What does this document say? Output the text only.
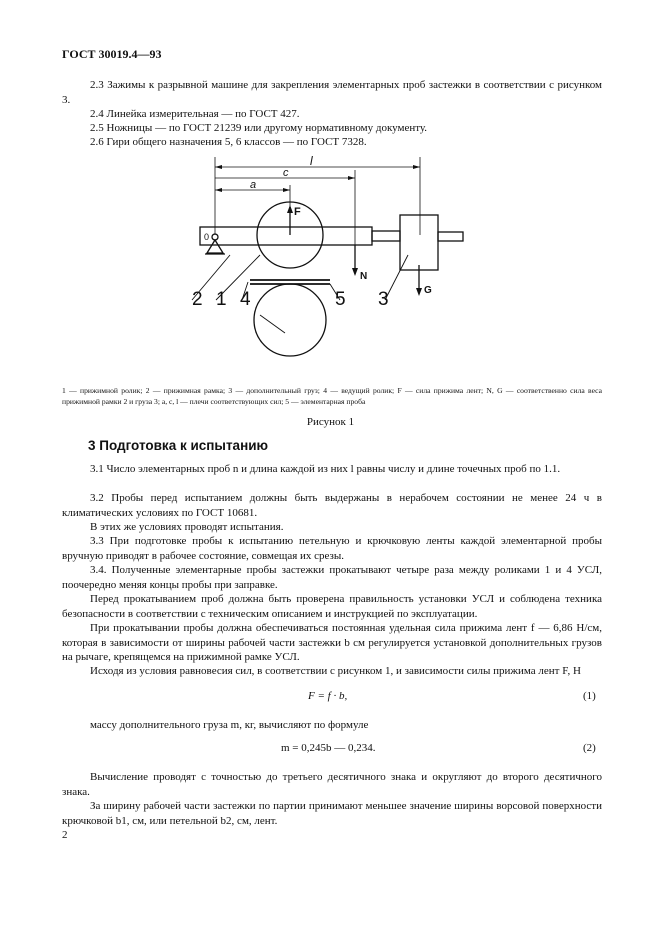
ГОСТ 30019.4—93

2.3 Зажимы к разрывной машине для закрепления элементарных проб застежки в соответствии с рисунком 3.

2.4 Линейка измерительная — по ГОСТ 427.

2.5 Ножницы — по ГОСТ 21239 или другому нормативному документу.

2.6 Гири общего назначения 5, 6 классов — по ГОСТ 7328.

l
c
a
0
F
N
G
2 1 4	5 3

1 — прижимной ролик; 2 — прижимная рамка; 3 — дополнительный груз; 4 — ведущий ролик; F — сила прижима лент; N, G — соответственно сила веса прижимной рамки 2 и груза 3; a, c, l — плечи соответствующих сил; 5 — элементарная проба

Рисунок 1
3 Подготовка к испытанию

3.1 Число элементарных проб n и длина каждой из них l равны числу и длине точечных проб по 1.1.

3.2 Пробы перед испытанием должны быть выдержаны в нерабочем состоянии не менее 24 ч в климатических условиях по ГОСТ 10681.

В этих же условиях проводят испытания.

3.3 При подготовке пробы к испытанию петельную и крючковую ленты каждой элементарной пробы вручную приводят в рабочее состояние, совмещая их срезы.

3.4. Полученные элементарные пробы застежки прокатывают четыре раза между роликами 1 и 4 УСЛ, поочередно меняя концы пробы при заправке.

Перед прокатыванием проб должна быть проверена правильность установки УСЛ и соблюдена техника безопасности в соответствии с техническим описанием и инструкцией по эксплуатации.

При прокатывании пробы должна обеспечиваться постоянная удельная сила прижима лент f — 6,86 Н/см, которая в зависимости от ширины рабочей части застежки b см регулируется установкой дополнительных грузов на рычаге, крепящемся на прижимной рамке УСЛ.

Исходя из условия равновесия сил, в соответствии с рисунком 1, и зависимости силы прижима лент F, Н

F = f · b,	(1)

массу дополнительного груза m, кг, вычисляют по формуле

m = 0,245b — 0,234.	(2)

Вычисление проводят с точностью до третьего десятичного знака и округляют до второго десятичного знака.

За ширину рабочей части застежки по партии принимают меньшее значение ширины ворсовой поверхности крючковой b1, см, или петельной b2, см, лент.

2
